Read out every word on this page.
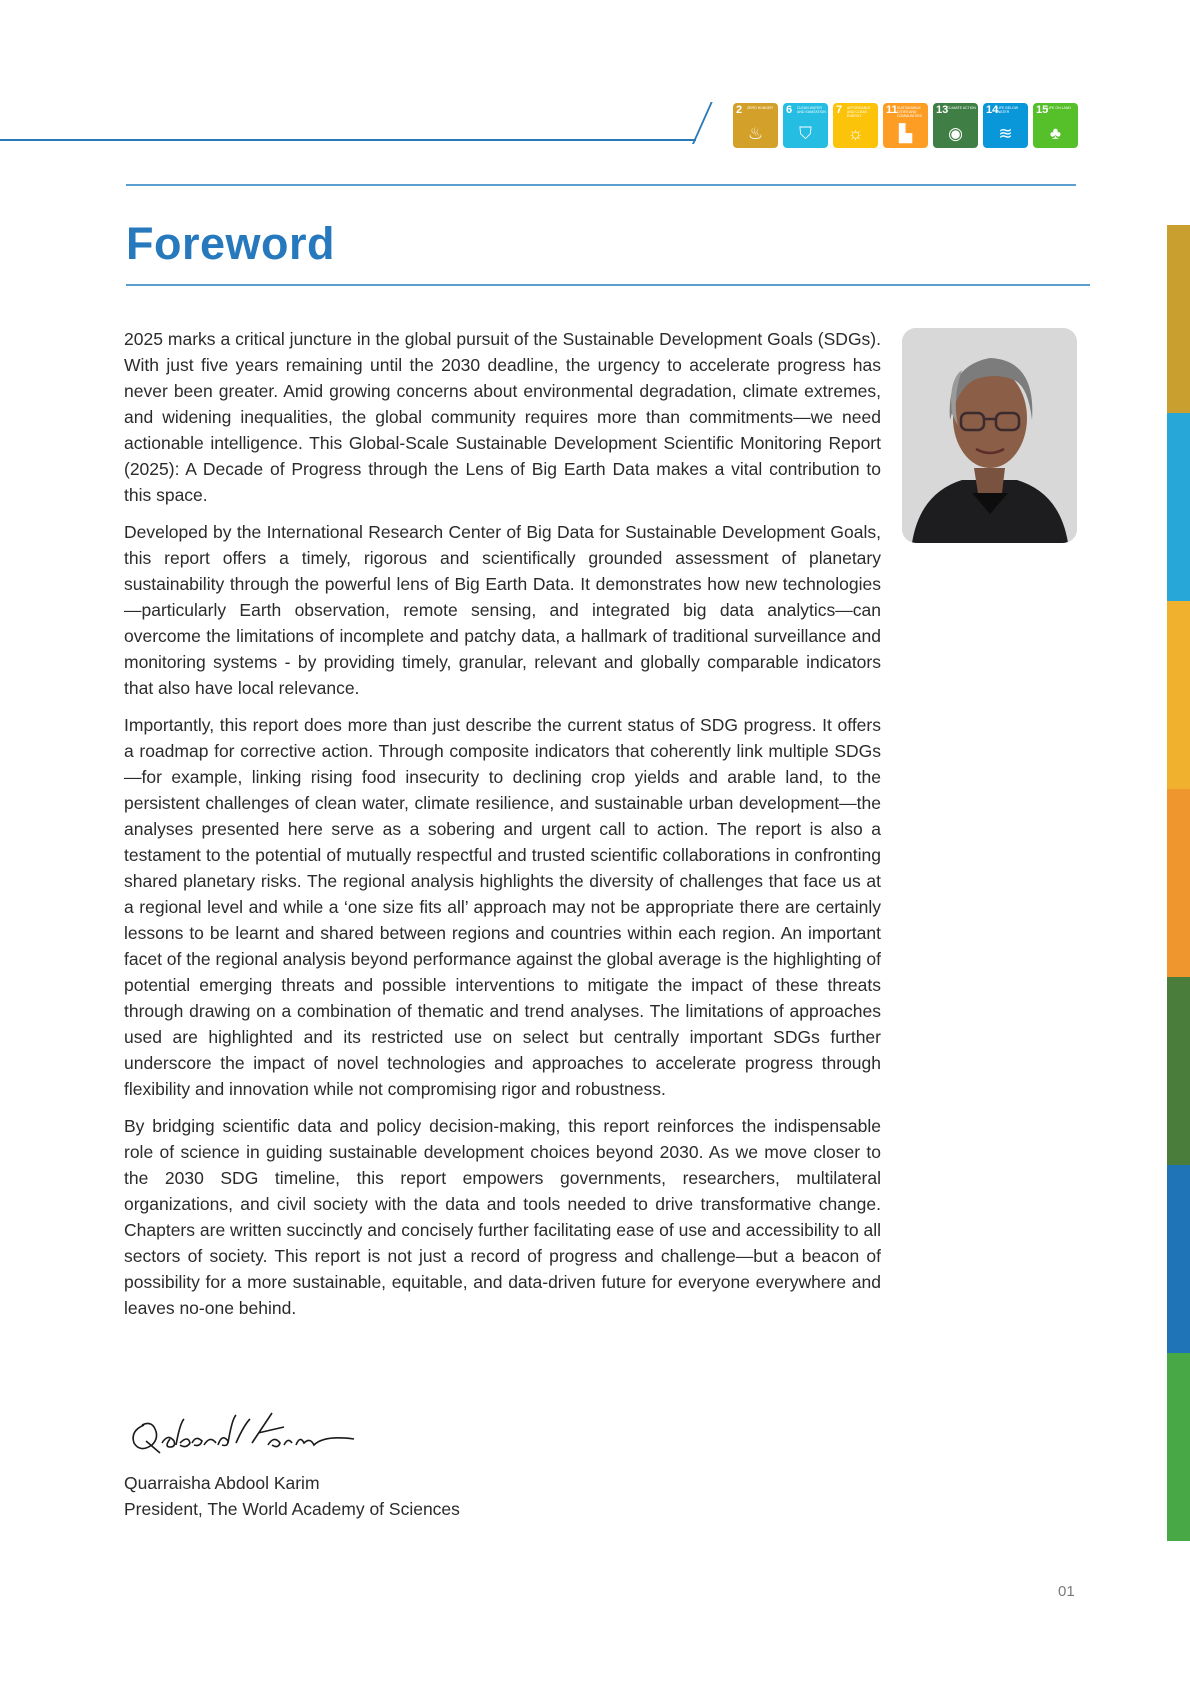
2 ZERO HUNGER
♨
6 CLEAN WATER AND SANITATION
⛉
7 AFFORDABLE AND CLEAN ENERGY
☼
11 SUSTAINABLE CITIES AND COMMUNITIES
▙
13
CLIMATE ACTION
◉
14
LIFE BELOW WATER
≋
15
LIFE ON LAND
♣
Foreword

2025 marks a critical juncture in the global pursuit of the Sustainable Development Goals (SDGs). With just five years remaining until the 2030 deadline, the urgency to accelerate progress has never been greater. Amid growing concerns about environmental degradation, climate extremes, and widening inequalities, the global community requires more than commitments—we need actionable intelligence. This Global-Scale Sustainable Development Scientific Monitoring Report (2025): A Decade of Progress through the Lens of Big Earth Data makes a vital contribution to this space.

Developed by the International Research Center of Big Data for Sustainable Development Goals, this report offers a timely, rigorous and scientifically grounded assessment of planetary sustainability through the powerful lens of Big Earth Data. It demonstrates how new technologies—particularly Earth observation, remote sensing, and integrated big data analytics—can overcome the limitations of incomplete and patchy data, a hallmark of traditional surveillance and monitoring systems - by providing timely, granular, relevant and globally comparable indicators that also have local relevance.

Importantly, this report does more than just describe the current status of SDG progress. It offers a roadmap for corrective action. Through composite indicators that coherently link multiple SDGs—for example, linking rising food insecurity to declining crop yields and arable land, to the persistent challenges of clean water, climate resilience, and sustainable urban development—the analyses presented here serve as a sobering and urgent call to action. The report is also a testament to the potential of mutually respectful and trusted scientific collaborations in confronting shared planetary risks. The regional analysis highlights the diversity of challenges that face us at a regional level and while a ‘one size fits all’ approach may not be appropriate there are certainly lessons to be learnt and shared between regions and countries within each region. An important facet of the regional analysis beyond performance against the global average is the highlighting of potential emerging threats and possible interventions to mitigate the impact of these threats through drawing on a combination of thematic and trend analyses. The limitations of approaches used are highlighted and its restricted use on select but centrally important SDGs further underscore the impact of novel technologies and approaches to accelerate progress through flexibility and innovation while not compromising rigor and robustness.

By bridging scientific data and policy decision-making, this report reinforces the indispensable role of science in guiding sustainable development choices beyond 2030. As we move closer to the 2030 SDG timeline, this report empowers governments, researchers, multilateral organizations, and civil society with the data and tools needed to drive transformative change. Chapters are written succinctly and concisely further facilitating ease of use and accessibility to all sectors of society. This report is not just a record of progress and challenge—but a beacon of possibility for a more sustainable, equitable, and data-driven future for everyone everywhere and leaves no-one behind.

Quarraisha Abdool Karim
President, The World Academy of Sciences
01
